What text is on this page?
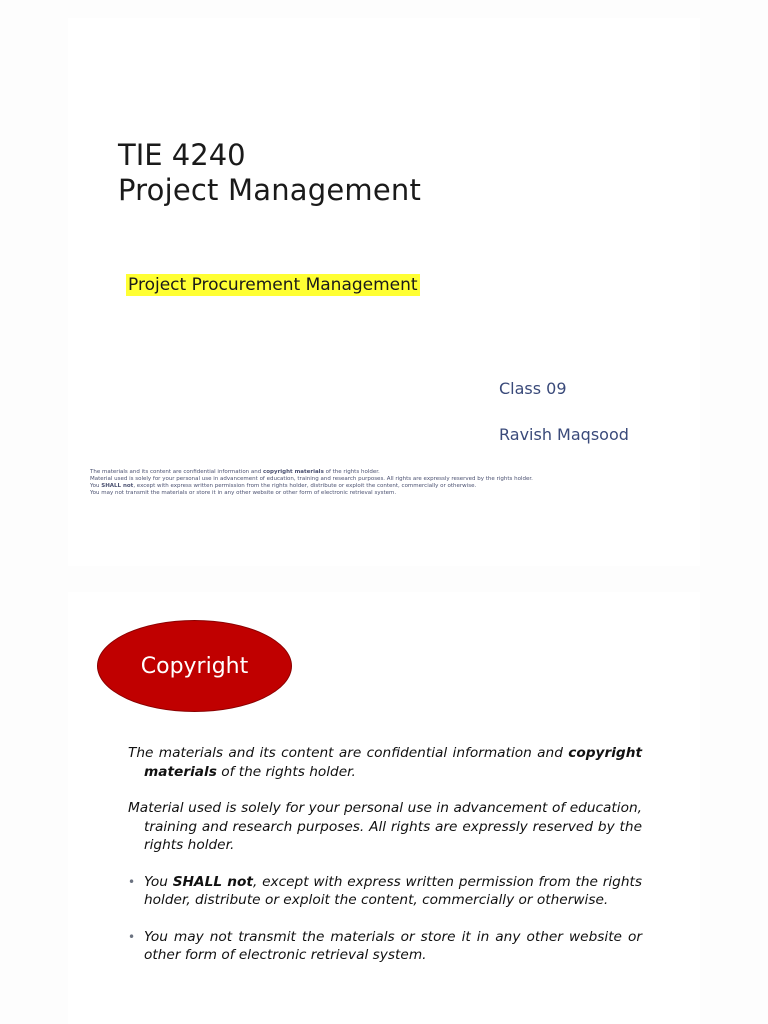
TIE 4240
Project Management
Project Procurement Management
Class 09
Ravish Maqsood

The materials and its content are confidential information and copyright materials of the rights holder.

Material used is solely for your personal use in advancement of education, training and research purposes. All rights are expressly reserved by the rights holder.

You SHALL not, except with express written permission from the rights holder, distribute or exploit the content, commercially or otherwise.

You may not transmit the materials or store it in any other website or other form of electronic retrieval system.

Copyright

The materials and its content are confidential information and copyright materials of the rights holder.

Material used is solely for your personal use in advancement of education, training and research purposes. All rights are expressly reserved by the rights holder.

• You SHALL not, except with express written permission from the rights holder, distribute or exploit the content, commercially or otherwise.

• You may not transmit the materials or store it in any other website or other form of electronic retrieval system.
